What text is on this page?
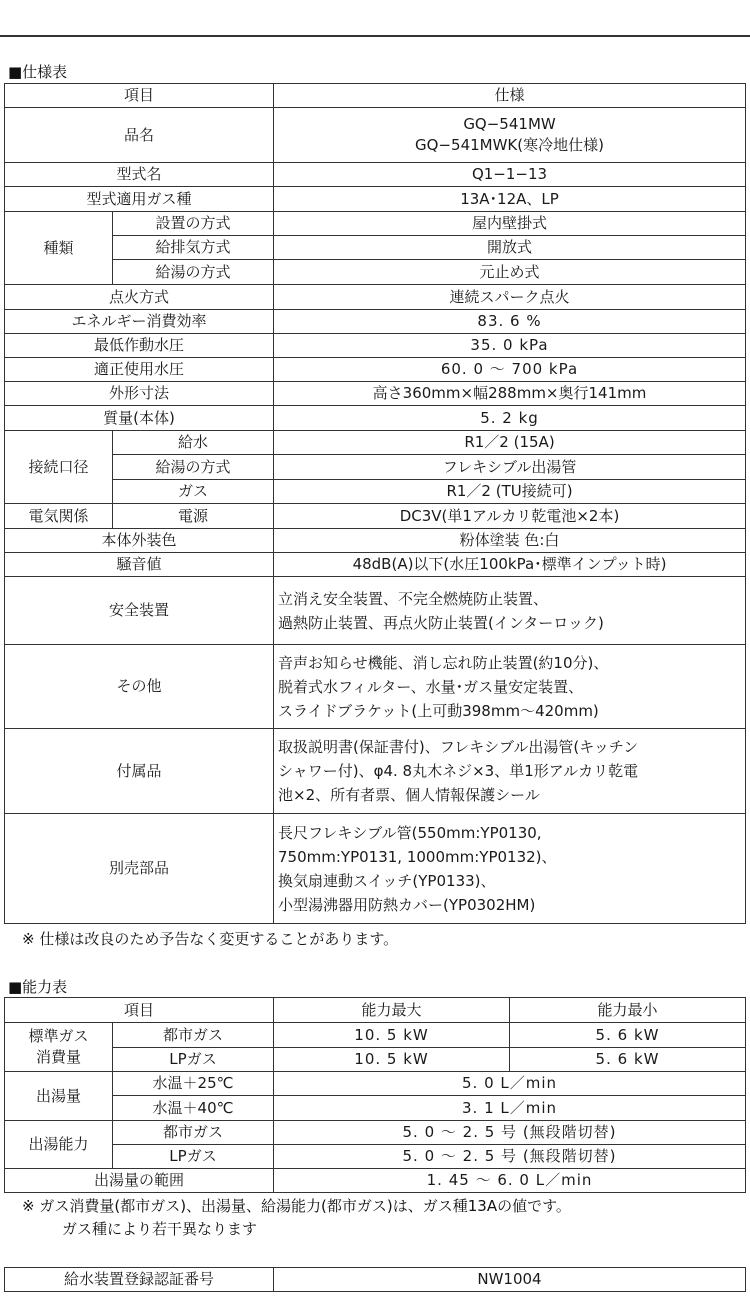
■仕様表
項目		仕様
品名		GQ−541MW
GQ−541MWK(寒冷地仕様)

型式名		Q1−1−13
型式適用ガス種		13A･12A、LP
種類	設置の方式	屋内壁掛式
	給排気方式	開放式
	給湯の方式	元止め式
点火方式		連続スパーク点火
エネルギー消費効率		83. 6 %
最低作動水圧		35. 0 kPa
適正使用水圧		60. 0 ～ 700 kPa
外形寸法		高さ360mm×幅288mm×奥行141mm
質量(本体)		5. 2 kg
接続口径	給水	R1／2 (15A)
	給湯の方式	フレキシブル出湯管
	ガス	R1／2 (TU接続可)
電気関係	電源	DC3V(単1アルカリ乾電池×2本)
本体外装色		粉体塗装 色:白
騒音値		48dB(A)以下(水圧100kPa･標準インプット時)
安全装置		立消え安全装置、不完全燃焼防止装置、
過熱防止装置、再点火防止装置(インターロック)

その他		音声お知らせ機能、消し忘れ防止装置(約10分)、
脱着式水フィルター、水量･ガス量安定装置、
スライドブラケット(上可動398mm～420mm)

付属品		取扱説明書(保証書付)、フレキシブル出湯管(キッチン
シャワー付)、φ4. 8丸木ネジ×3、単1形アルカリ乾電
池×2、所有者票、個人情報保護シール

別売部品		長尺フレキシブル管(550mm:YP0130,
750mm:YP0131, 1000mm:YP0132)、
換気扇連動スイッチ(YP0133)、
小型湯沸器用防熱カバー(YP0302HM)
※ 仕様は改良のため予告なく変更することがあります。
■能力表
項目		能力最大	能力最小

標準ガス
消費量	都市ガス	10. 5 kW	5. 6 kW
	LPガス	10. 5 kW	5. 6 kW
出湯量	水温＋25℃	5. 0 L／min	
	水温＋40℃	3. 1 L／min	
出湯能力	都市ガス	5. 0 ～ 2. 5 号 (無段階切替)	
	LPガス	5. 0 ～ 2. 5 号 (無段階切替)	
出湯量の範囲		1. 45 ～ 6. 0 L／min	
※ ガス消費量(都市ガス)、出湯量、給湯能力(都市ガス)は、ガス種13Aの値です。
ガス種により若干異なります
給水装置登録認証番号	NW1004
